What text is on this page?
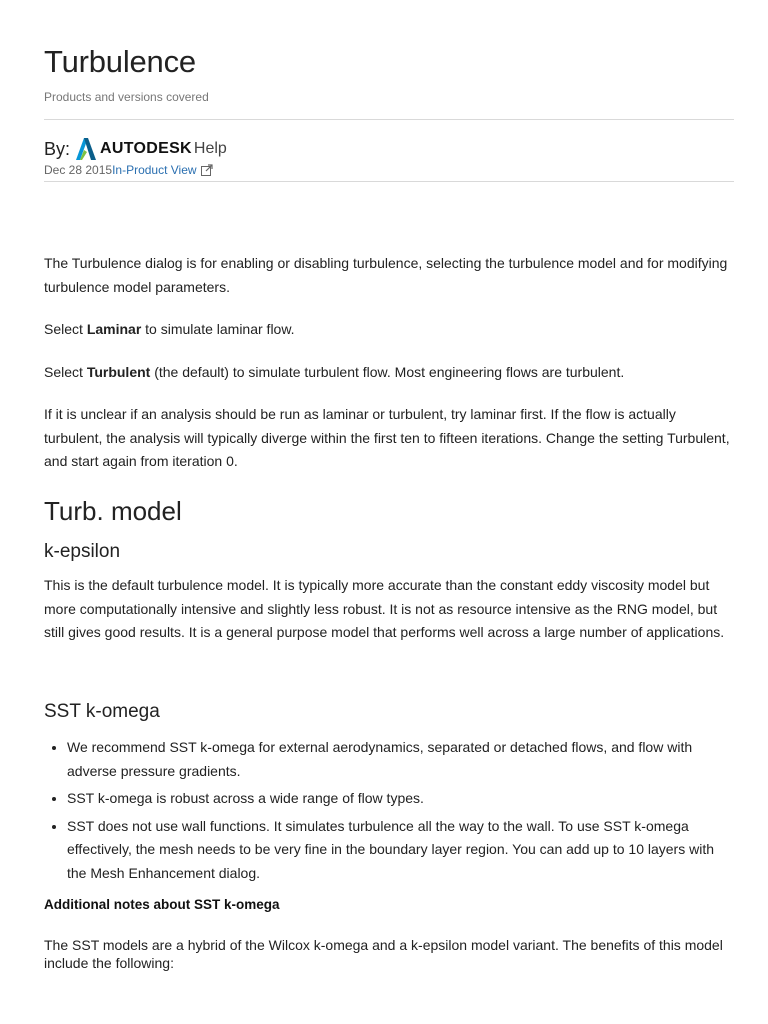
Turbulence
Products and versions covered
By: AUTODESK Help
Dec 28 2015 In-Product View
The Turbulence dialog is for enabling or disabling turbulence, selecting the turbulence model and for modifying turbulence model parameters.
Select Laminar to simulate laminar flow.
Select Turbulent (the default) to simulate turbulent flow. Most engineering flows are turbulent.
If it is unclear if an analysis should be run as laminar or turbulent, try laminar first. If the flow is actually turbulent, the analysis will typically diverge within the first ten to fifteen iterations. Change the setting Turbulent, and start again from iteration 0.
Turb. model
k-epsilon
This is the default turbulence model. It is typically more accurate than the constant eddy viscosity model but more computationally intensive and slightly less robust. It is not as resource intensive as the RNG model, but still gives good results. It is a general purpose model that performs well across a large number of applications.
SST k-omega
• We recommend SST k-omega for external aerodynamics, separated or detached flows, and flow with adverse pressure gradients.
• SST k-omega is robust across a wide range of flow types.
• SST does not use wall functions. It simulates turbulence all the way to the wall. To use SST k-omega effectively, the mesh needs to be very fine in the boundary layer region. You can add up to 10 layers with the Mesh Enhancement dialog.
Additional notes about SST k-omega
The SST models are a hybrid of the Wilcox k-omega and a k-epsilon model variant. The benefits of this model include the following:
